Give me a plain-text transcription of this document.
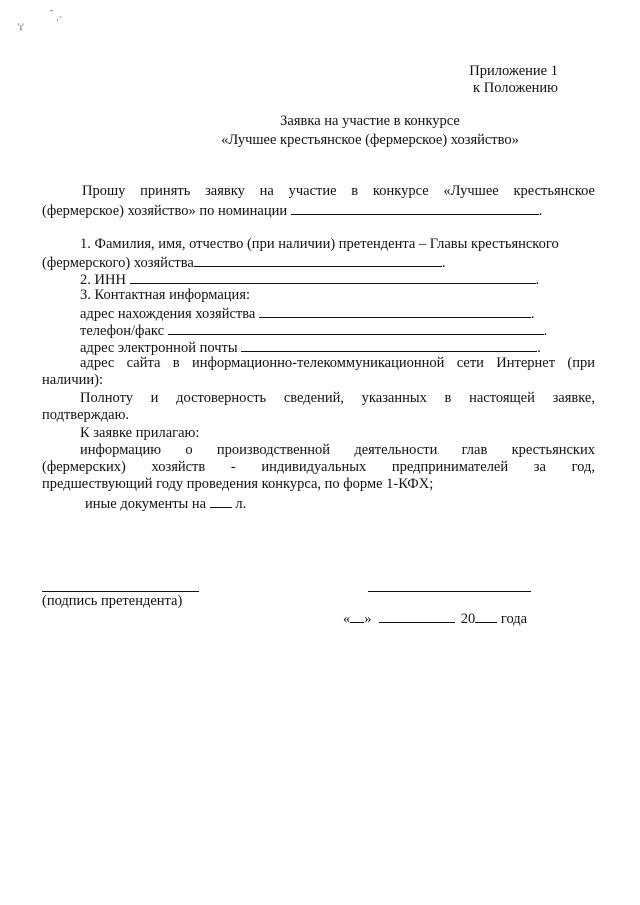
'ı'
·´
-
Приложение 1
к Положению
Заявка на участие в конкурсе
«Лучшее крестьянское (фермерское) хозяйство»
Прошу принять заявку на участие в конкурсе «Лучшее крестьянское
(фермерское) хозяйство» по номинации	.
1. Фамилия, имя, отчество (при наличии) претендента – Главы крестьянского
(фермерского) хозяйства	.
2. ИНН	.
3. Контактная информация:
адрес нахождения хозяйства	.
телефон/факс	.
адрес электронной почты	.
адрес сайта в информационно-телекоммуникационной сети Интернет (при
наличии):
Полноту и достоверность сведений, указанных в настоящей заявке,
подтверждаю.
К заявке прилагаю:
информацию о производственной деятельности глав крестьянских
(фермерских) хозяйств - индивидуальных предпринимателей за год,
предшествующий году проведения конкурса, по форме 1-КФХ;
иные документы на л.
(подпись претендента)
« »	20 года
